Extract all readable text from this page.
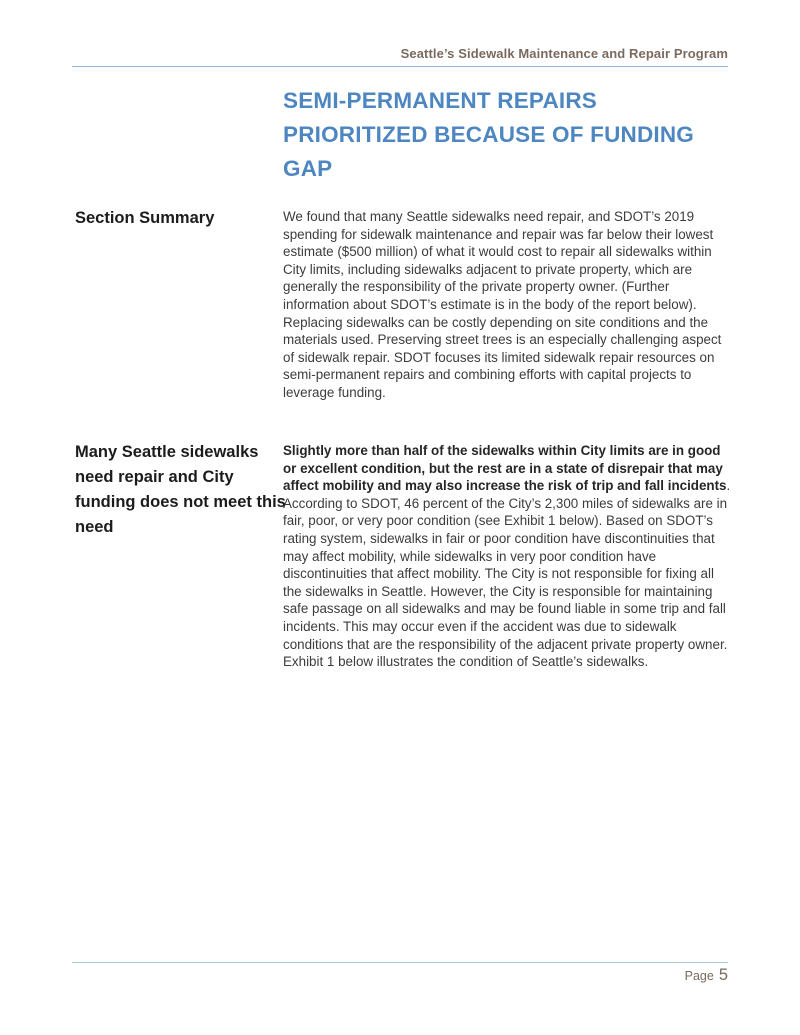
Seattle’s Sidewalk Maintenance and Repair Program
SEMI-PERMANENT REPAIRS PRIORITIZED BECAUSE OF FUNDING GAP
Section Summary	We found that many Seattle sidewalks need repair, and SDOT’s 2019 spending for sidewalk maintenance and repair was far below their lowest estimate ($500 million) of what it would cost to repair all sidewalks within City limits, including sidewalks adjacent to private property, which are generally the responsibility of the private property owner. (Further information about SDOT’s estimate is in the body of the report below). Replacing sidewalks can be costly depending on site conditions and the materials used. Preserving street trees is an especially challenging aspect of sidewalk repair. SDOT focuses its limited sidewalk repair resources on semi-permanent repairs and combining efforts with capital projects to leverage funding.

Many Seattle sidewalks need repair and City funding does not meet this need

Slightly more than half of the sidewalks within City limits are in good or excellent condition, but the rest are in a state of disrepair that may affect mobility and may also increase the risk of trip and fall incidents. According to SDOT, 46 percent of the City’s 2,300 miles of sidewalks are in fair, poor, or very poor condition (see Exhibit 1 below). Based on SDOT’s rating system, sidewalks in fair or poor condition have discontinuities that may affect mobility, while sidewalks in very poor condition have discontinuities that affect mobility. The City is not responsible for fixing all the sidewalks in Seattle. However, the City is responsible for maintaining safe passage on all sidewalks and may be found liable in some trip and fall incidents. This may occur even if the accident was due to sidewalk conditions that are the responsibility of the adjacent private property owner. Exhibit 1 below illustrates the condition of Seattle’s sidewalks.

Page 5
